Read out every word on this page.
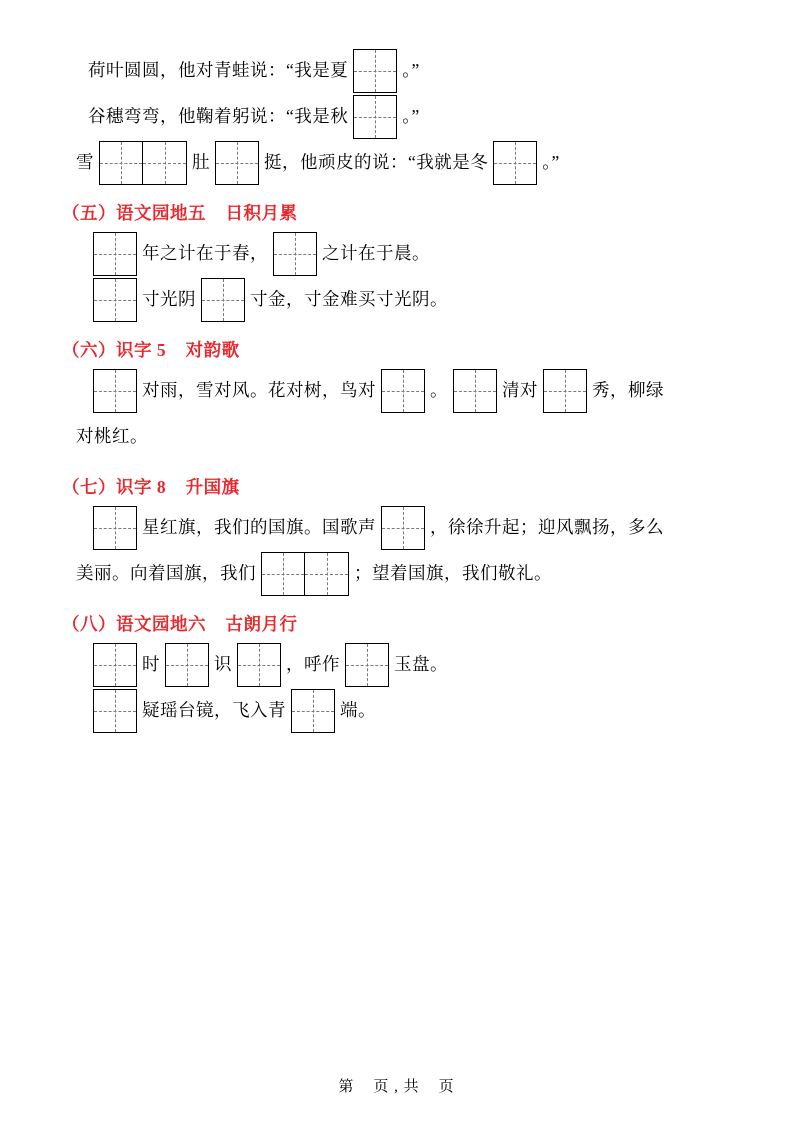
荷叶圆圆，他对青蛙说：“我是夏	。”
谷穗弯弯，他鞠着躬说：“我是秋	。”
雪	肚	挺，他顽皮的说：“我就是冬	。”
（五）语文园地五    日积月累
年之计在于春，	之计在于晨。
寸光阴	寸金，寸金难买寸光阴。
（六）识字 5    对韵歌
对雨，雪对风。花对树，鸟对	。	清对	秀，柳绿
对桃红。
（七）识字 8    升国旗
星红旗，我们的国旗。国歌声	，徐徐升起；迎风飘扬，多么
美丽。向着国旗，我们	；望着国旗，我们敬礼。
（八）语文园地六    古朗月行
时	识	，呼作	玉盘。
疑瑶台镜，飞入青	端。
第    页 , 共    页
